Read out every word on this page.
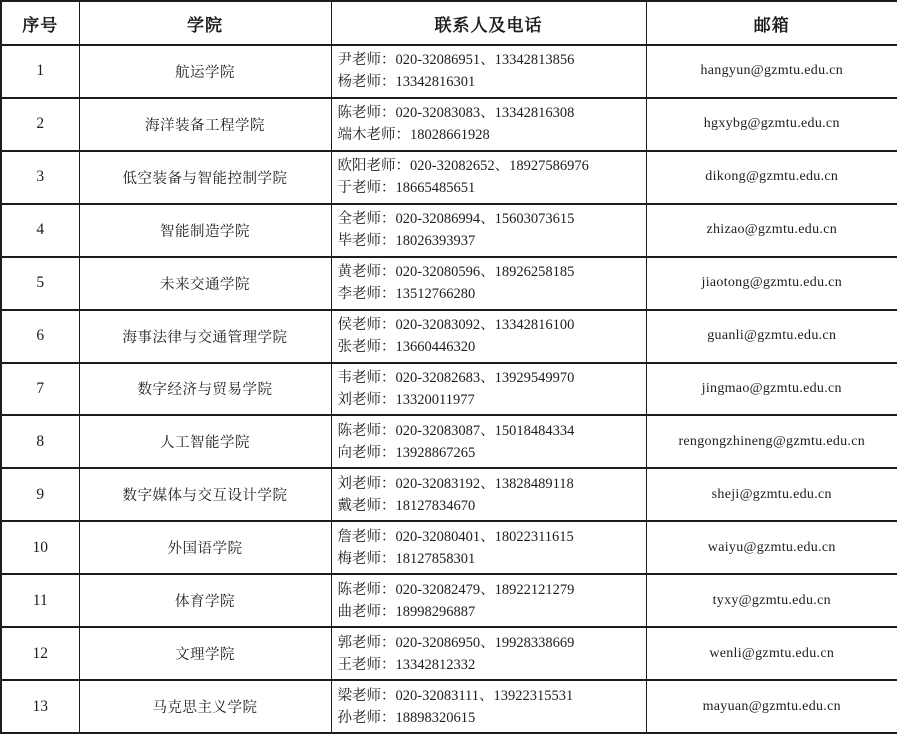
序号	学院	联系人及电话	邮箱
1	航运学院	尹老师：020-32086951、13342813856
杨老师：13342816301	hangyun@gzmtu.edu.cn
2	海洋装备工程学院	陈老师：020-32083083、13342816308
端木老师：18028661928	hgxybg@gzmtu.edu.cn
3	低空装备与智能控制学院	欧阳老师：020-32082652、18927586976
于老师：18665485651	dikong@gzmtu.edu.cn
4	智能制造学院	全老师：020-32086994、15603073615
毕老师：18026393937	zhizao@gzmtu.edu.cn
5	未来交通学院	黄老师：020-32080596、18926258185
李老师：13512766280	jiaotong@gzmtu.edu.cn
6	海事法律与交通管理学院	侯老师：020-32083092、13342816100
张老师：13660446320	guanli@gzmtu.edu.cn
7	数字经济与贸易学院	韦老师：020-32082683、13929549970
刘老师：13320011977	jingmao@gzmtu.edu.cn
8	人工智能学院	陈老师：020-32083087、15018484334
向老师：13928867265	rengongzhineng@gzmtu.edu.cn
9	数字媒体与交互设计学院	刘老师：020-32083192、13828489118
戴老师：18127834670	sheji@gzmtu.edu.cn
10	外国语学院	詹老师：020-32080401、18022311615
梅老师：18127858301	waiyu@gzmtu.edu.cn
11	体育学院	陈老师：020-32082479、18922121279
曲老师：18998296887	tyxy@gzmtu.edu.cn
12	文理学院	郭老师：020-32086950、19928338669
王老师：13342812332	wenli@gzmtu.edu.cn
13	马克思主义学院	梁老师：020-32083111、13922315531
孙老师：18898320615	mayuan@gzmtu.edu.cn
